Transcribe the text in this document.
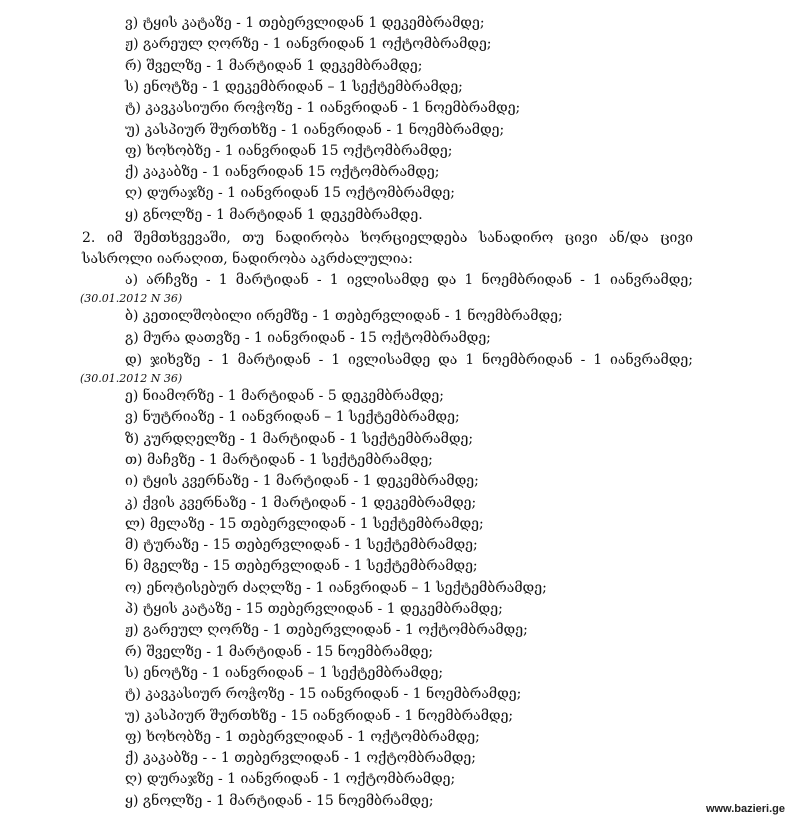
ვ) ტყის კატაზე - 1 თებერვლიდან 1 დეკემბრამდე;
ჟ) გარეულ ღორზე - 1 იანვრიდან 1 ოქტომბრამდე;
რ) შველზე - 1 მარტიდან 1 დეკემბრამდე;
ს) ენოტზე - 1 დეკემბრიდან – 1 სექტემბრამდე;
ტ) კავკასიური როჭოზე - 1 იანვრიდან - 1 ნოემბრამდე;
უ) კასპიურ შურთხზე - 1 იანვრიდან - 1 ნოემბრამდე;
ფ) ხოხობზე - 1 იანვრიდან 15 ოქტომბრამდე;
ქ) კაკაბზე - 1 იანვრიდან 15 ოქტომბრამდე;
ღ) დურაჯზე - 1 იანვრიდან 15 ოქტომბრამდე;
ყ) გნოლზე - 1 მარტიდან 1 დეკემბრამდე.
2. იმ შემთხვევაში, თუ ნადირობა ხორციელდება სანადირო ცივი ან/და ცივი
სასროლი იარაღით, ნადირობა აკრძალულია:
ა) არჩვზე - 1 მარტიდან - 1 ივლისამდე და 1 ნოემბრიდან - 1 იანვრამდე;
(30.01.2012 N 36)
ბ) კეთილშობილი ირემზე - 1 თებერვლიდან - 1 ნოემბრამდე;
გ) მურა დათვზე - 1 იანვრიდან - 15 ოქტომბრამდე;
დ) ჯიხვზე - 1 მარტიდან - 1 ივლისამდე და 1 ნოემბრიდან - 1 იანვრამდე;
(30.01.2012 N 36)
ე) ნიამორზე - 1 მარტიდან - 5 დეკემბრამდე;
ვ) ნუტრიაზე - 1 იანვრიდან – 1 სექტემბრამდე;
ზ) კურდღელზე - 1 მარტიდან - 1 სექტემბრამდე;
თ) მაჩვზე - 1 მარტიდან - 1 სექტემბრამდე;
ი) ტყის კვერნაზე - 1 მარტიდან - 1 დეკემბრამდე;
კ) ქვის კვერნაზე - 1 მარტიდან - 1 დეკემბრამდე;
ლ) მელაზე - 15 თებერვლიდან - 1 სექტემბრამდე;
მ) ტურაზე - 15 თებერვლიდან - 1 სექტემბრამდე;
ნ) მგელზე - 15 თებერვლიდან - 1 სექტემბრამდე;
ო) ენოტისებურ ძაღლზე - 1 იანვრიდან – 1 სექტემბრამდე;
პ) ტყის კატაზე - 15 თებერვლიდან - 1 დეკემბრამდე;
ჟ) გარეულ ღორზე - 1 თებერვლიდან - 1 ოქტომბრამდე;
რ) შველზე - 1 მარტიდან - 15 ნოემბრამდე;
ს) ენოტზე - 1 იანვრიდან – 1 სექტემბრამდე;
ტ) კავკასიურ როჭოზე - 15 იანვრიდან - 1 ნოემბრამდე;
უ) კასპიურ შურთხზე - 15 იანვრიდან - 1 ნოემბრამდე;
ფ) ხოხობზე - 1 თებერვლიდან - 1 ოქტომბრამდე;
ქ) კაკაბზე - - 1 თებერვლიდან - 1 ოქტომბრამდე;
ღ) დურაჯზე - 1 იანვრიდან - 1 ოქტომბრამდე;
ყ) გნოლზე - 1 მარტიდან - 15 ნოემბრამდე;
www.bazieri.ge
